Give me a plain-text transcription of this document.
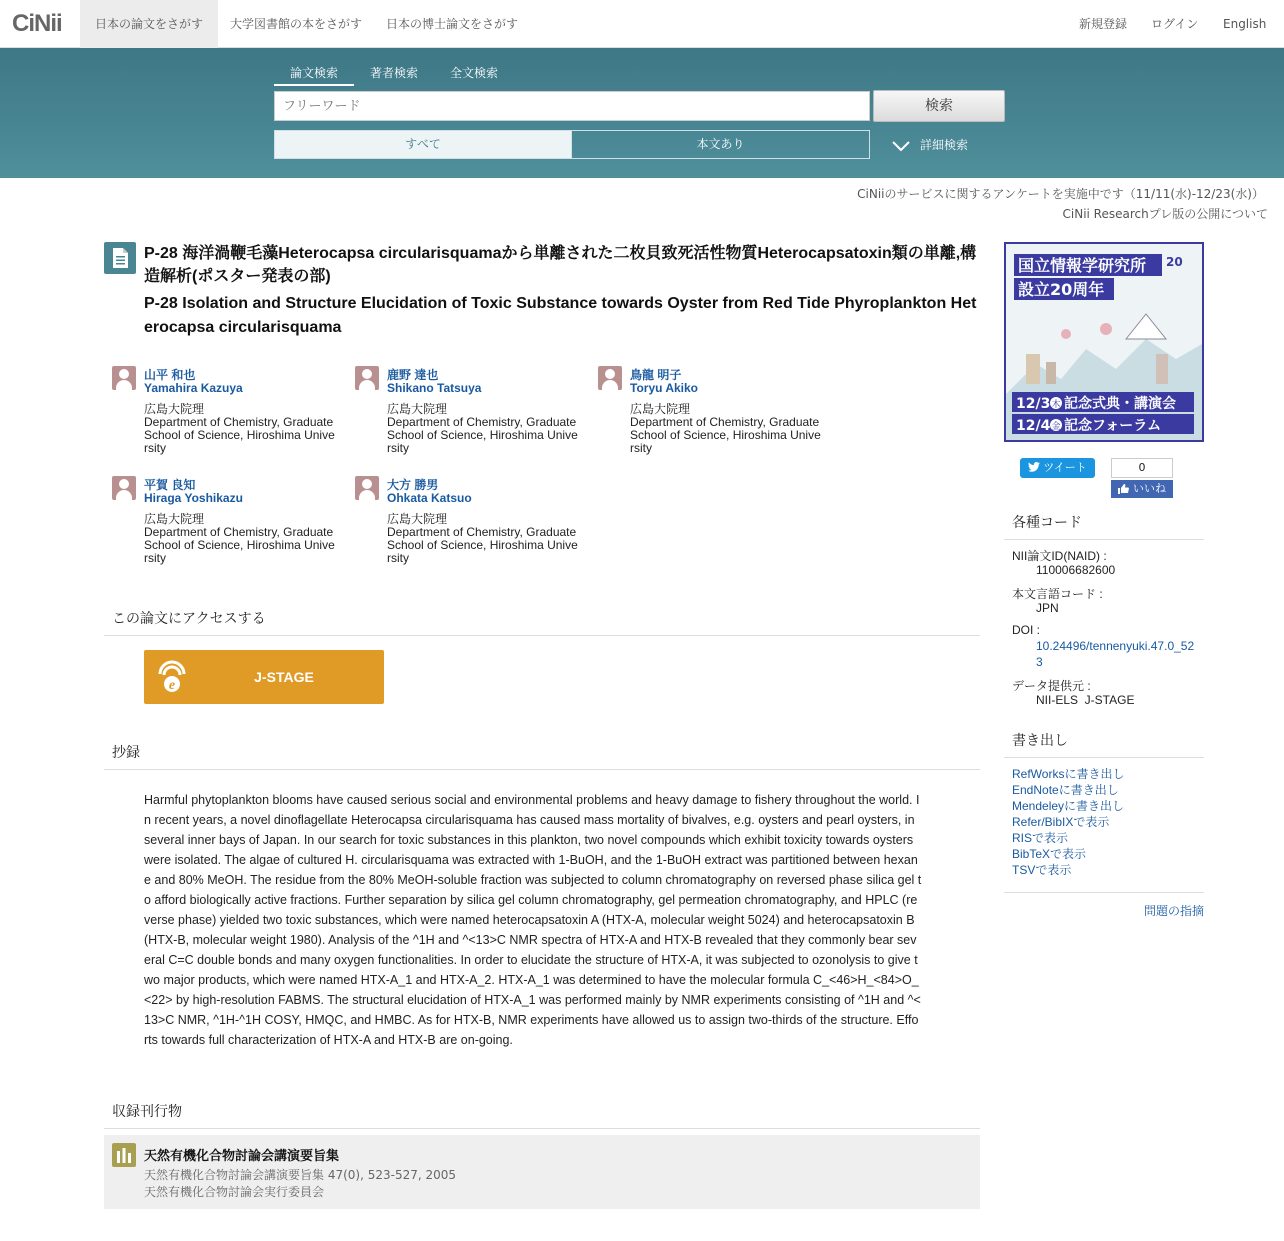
CiNii	日本の論文をさがす	大学図書館の本をさがす	日本の博士論文をさがす	新規登録 ログイン English
論文検索	著者検索	全文検索
フリーワード
検索
すべて	本文あり	詳細検索
CiNiiのサービスに関するアンケートを実施中です（11/11(水)-12/23(水)）
CiNii Researchプレ版の公開について
P-28 海洋渦鞭毛藻Heterocapsa circularisquamaから単離された二枚貝致死活性物質Heterocapsatoxin類の単離,構造解析(ポスター発表の部)
P-28 Isolation and Structure Elucidation of Toxic Substance towards Oyster from Red Tide Phyroplankton Heterocapsa circularisquama
山平 和也
Yamahira Kazuya
広島大院理
Department of Chemistry, Graduate School of Science, Hiroshima University
鹿野 達也
Shikano Tatsuya
広島大院理
Department of Chemistry, Graduate School of Science, Hiroshima University
鳥龍 明子
Toryu Akiko
広島大院理
Department of Chemistry, Graduate School of Science, Hiroshima University
平賀 良知
Hiraga Yoshikazu
広島大院理
Department of Chemistry, Graduate School of Science, Hiroshima University
大方 勝男
Ohkata Katsuo
広島大院理
Department of Chemistry, Graduate School of Science, Hiroshima University
この論文にアクセスする
e
J-STAGE
抄録

Harmful phytoplankton blooms have caused serious social and environmental problems and heavy damage to fishery throughout the world. In recent years, a novel dinoflagellate Heterocapsa circularisquama has caused mass mortality of bivalves, e.g. oysters and pearl oysters, in several inner bays of Japan. In our search for toxic substances in this plankton, two novel compounds which exhibit toxicity towards oysters were isolated. The algae of cultured H. circularisquama was extracted with 1-BuOH, and the 1-BuOH extract was partitioned between hexane and 80% MeOH. The residue from the 80% MeOH-soluble fraction was subjected to column chromatography on reversed phase silica gel to afford biologically active fractions. Further separation by silica gel column chromatography, gel permeation chromatography, and HPLC (reverse phase) yielded two toxic substances, which were named heterocapsatoxin A (HTX-A, molecular weight 5024) and heterocapsatoxin B (HTX-B, molecular weight 1980). Analysis of the ^1H and ^<13>C NMR spectra of HTX-A and HTX-B revealed that they commonly bear several C=C double bonds and many oxygen functionalities. In order to elucidate the structure of HTX-A, it was subjected to ozonolysis to give two major products, which were named HTX-A_1 and HTX-A_2. HTX-A_1 was determined to have the molecular formula C_<46>H_<84>O_<22> by high-resolution FABMS. The structural elucidation of HTX-A_1 was performed mainly by NMR experiments consisting of ^1H and ^<13>C NMR, ^1H-^1H COSY, HMQC, and HMBC. As for HTX-B, NMR experiments have allowed us to assign two-thirds of the structure. Efforts towards full characterization of HTX-A and HTX-B are on-going.

収録刊行物
天然有機化合物討論会講演要旨集
天然有機化合物討論会講演要旨集 47(0), 523-527, 2005
天然有機化合物討論会実行委員会
国立情報学研究所
設立20周年
20
12/3 木 記念式典・講演会
12/4 金 記念フォーラム
ツイート	0
いいね
各種コード
NII論文ID(NAID) :
110006682600
本文言語コード :
JPN
DOI :
10.24496/tennenyuki.47.0_523
データ提供元 :
NII-ELS  J-STAGE
書き出し
RefWorksに書き出し
EndNoteに書き出し
Mendeleyに書き出し
Refer/BibIXで表示
RISで表示
BibTeXで表示
TSVで表示
問題の指摘
